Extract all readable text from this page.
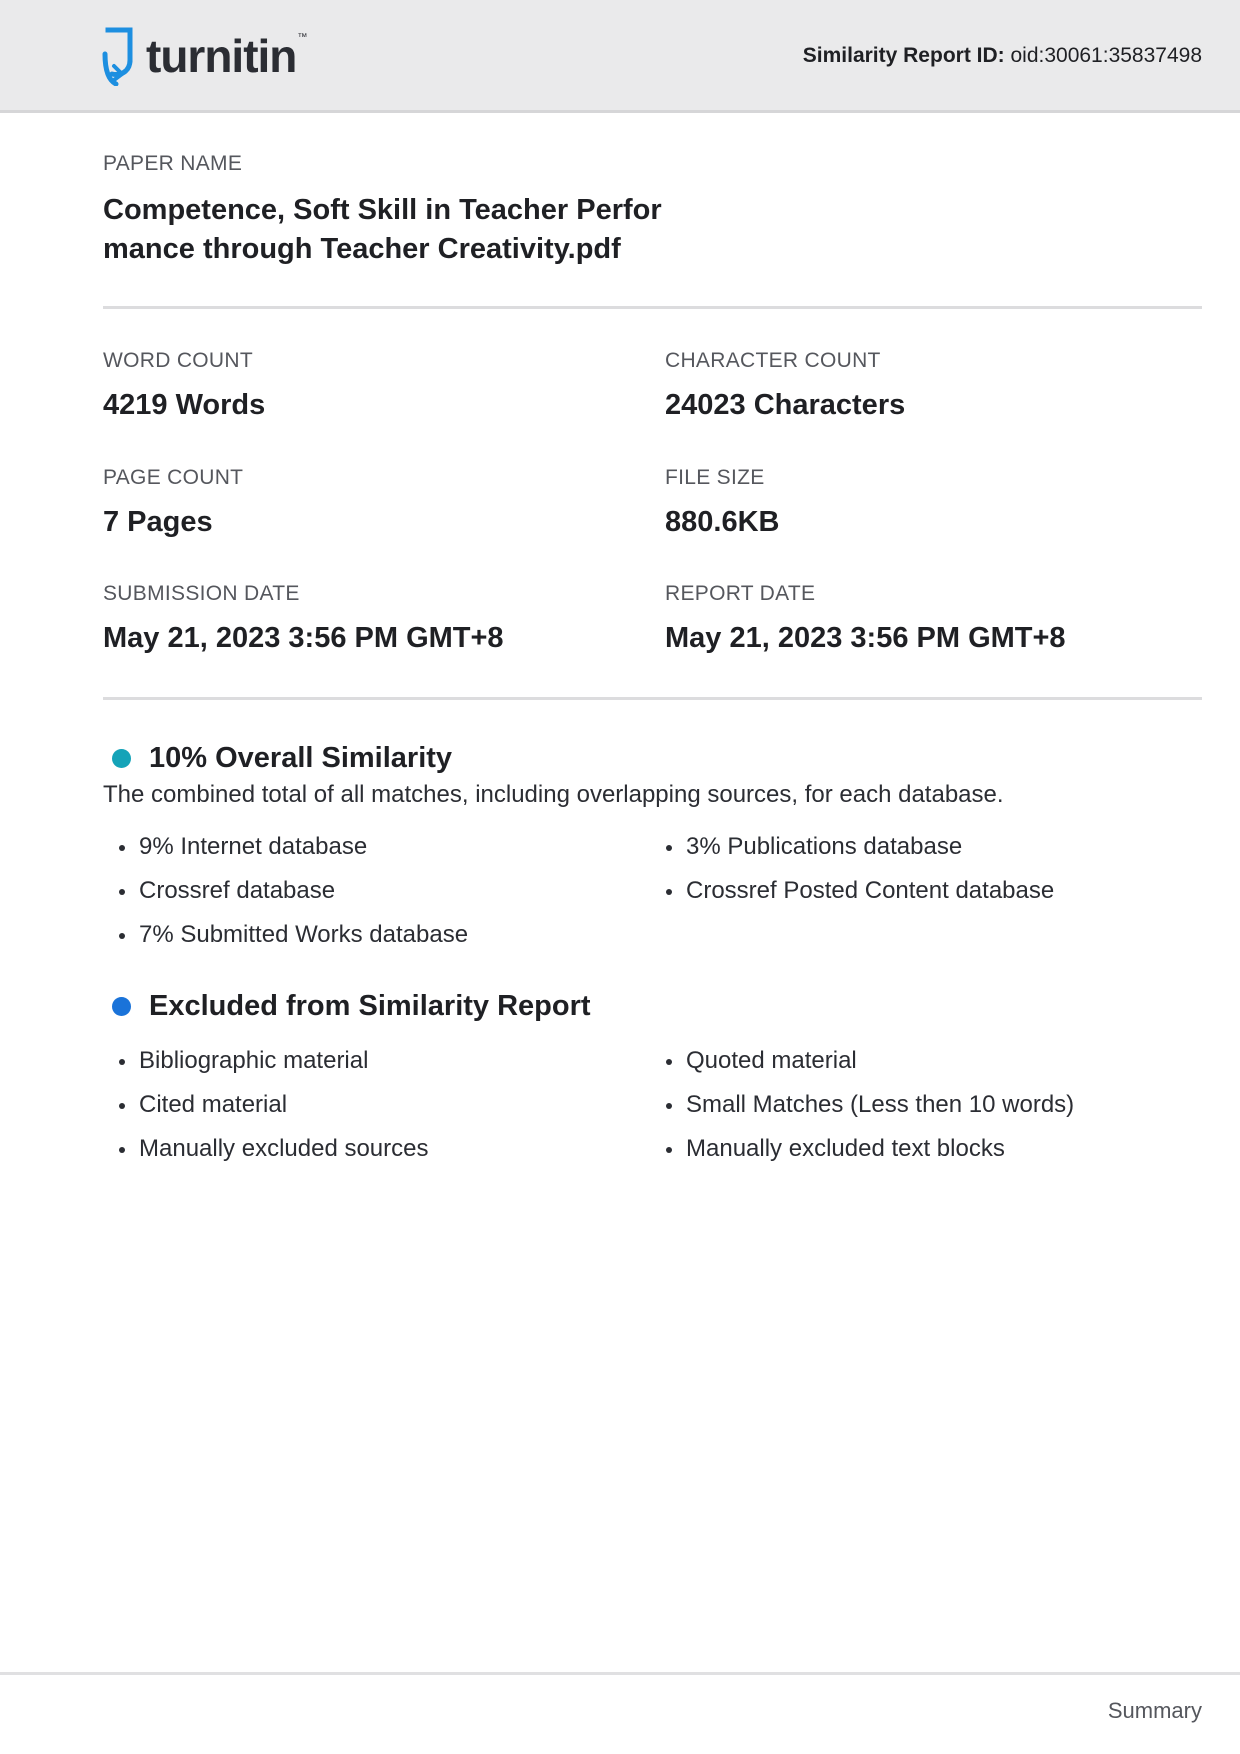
turnitin ™
Similarity Report ID: oid:30061:35837498
PAPER NAME
Competence, Soft Skill in Teacher Perfor
mance through Teacher Creativity.pdf
WORD COUNT
4219 Words
CHARACTER COUNT
24023 Characters
PAGE COUNT
7 Pages
FILE SIZE
880.6KB
SUBMISSION DATE
May 21, 2023 3:56 PM GMT+8
REPORT DATE
May 21, 2023 3:56 PM GMT+8
10% Overall Similarity
The combined total of all matches, including overlapping sources, for each database.
9% Internet database
Crossref database
7% Submitted Works database
3% Publications database
Crossref Posted Content database
Excluded from Similarity Report
Bibliographic material
Cited material
Manually excluded sources
Quoted material
Small Matches (Less then 10 words)
Manually excluded text blocks
Summary
